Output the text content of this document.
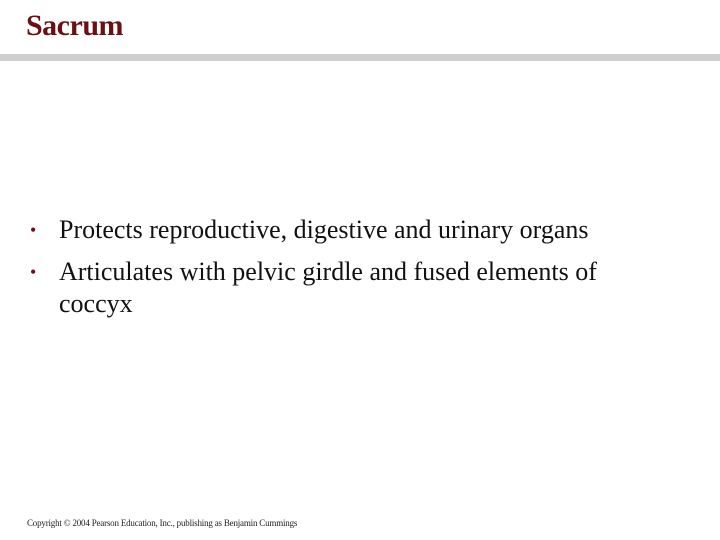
Sacrum
• Protects reproductive, digestive and urinary organs
• Articulates with pelvic girdle and fused elements of coccyx
Copyright © 2004 Pearson Education, Inc., publishing as Benjamin Cummings
